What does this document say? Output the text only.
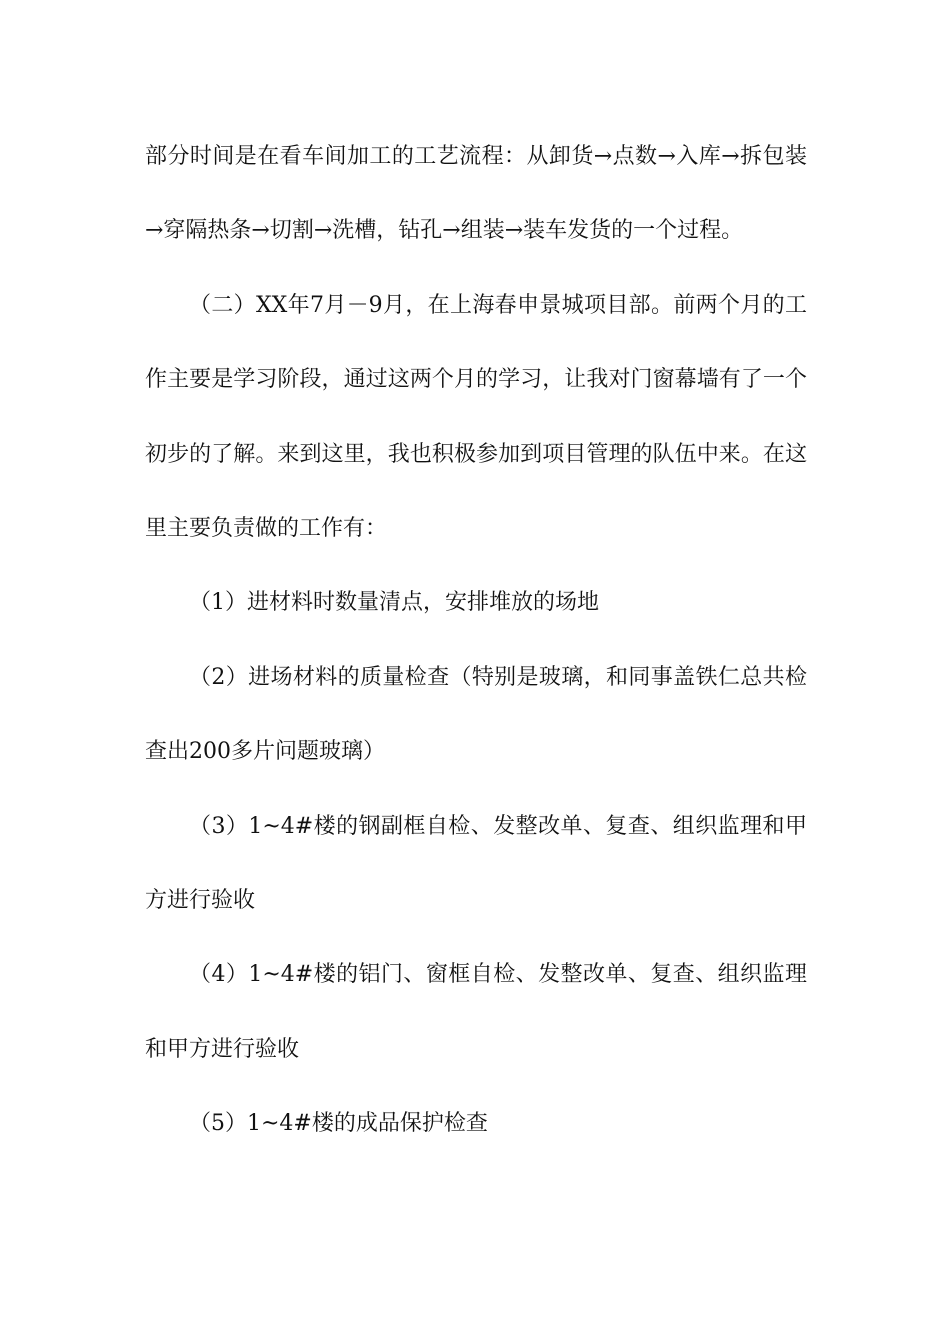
部分时间是在看车间加工的工艺流程：从卸货→点数→入库→拆包装→穿隔热条→切割→洗槽，钻孔→组装→装车发货的一个过程。

（二）XX年7月－9月，在上海春申景城项目部。前两个月的工作主要是学习阶段，通过这两个月的学习，让我对门窗幕墙有了一个初步的了解。来到这里，我也积极参加到项目管理的队伍中来。在这里主要负责做的工作有：

（1）进材料时数量清点，安排堆放的场地

（2）进场材料的质量检查（特别是玻璃，和同事盖铁仁总共检查出200多片问题玻璃）

（3）1~4#楼的钢副框自检、发整改单、复查、组织监理和甲方进行验收

（4）1~4#楼的铝门、窗框自检、发整改单、复查、组织监理和甲方进行验收

（5）1~4#楼的成品保护检查
